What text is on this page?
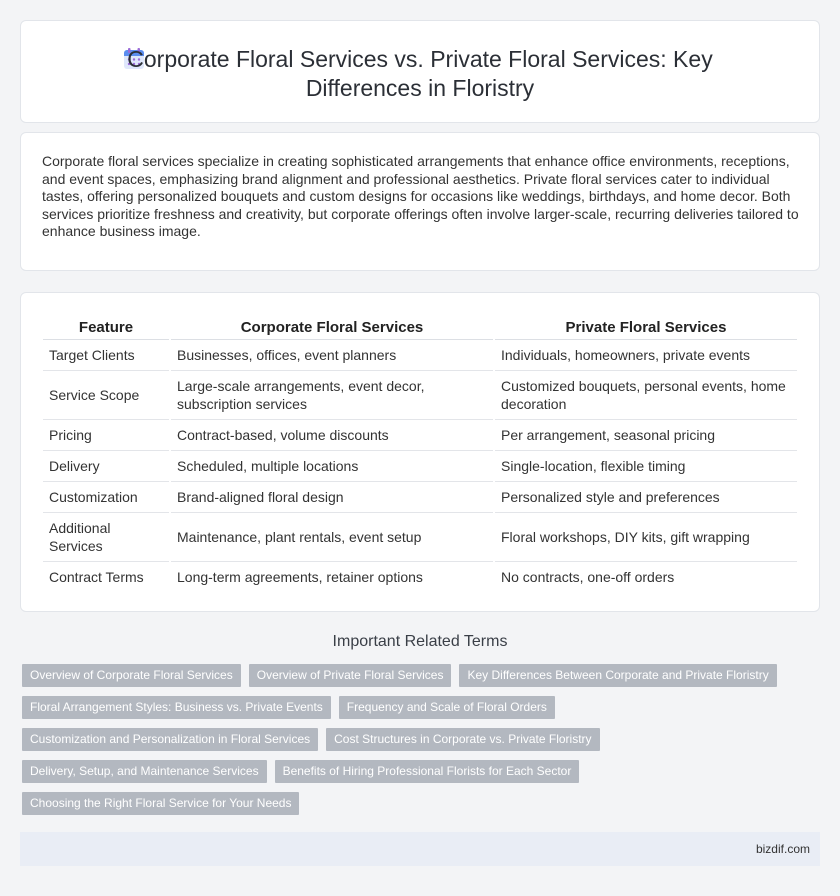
Corporate Floral Services vs. Private Floral Services: Key Differences in Floristry

Corporate floral services specialize in creating sophisticated arrangements that enhance office environments, receptions, and event spaces, emphasizing brand alignment and professional aesthetics. Private floral services cater to individual tastes, offering personalized bouquets and custom designs for occasions like weddings, birthdays, and home decor. Both services prioritize freshness and creativity, but corporate offerings often involve larger-scale, recurring deliveries tailored to enhance business image.

Feature	Corporate Floral Services	Private Floral Services
Target Clients	Businesses, offices, event planners	Individuals, homeowners, private events
Service Scope	Large-scale arrangements, event decor, subscription services	Customized bouquets, personal events, home decoration
Pricing	Contract-based, volume discounts	Per arrangement, seasonal pricing
Delivery	Scheduled, multiple locations	Single-location, flexible timing
Customization	Brand-aligned floral design	Personalized style and preferences
Additional Services	Maintenance, plant rentals, event setup	Floral workshops, DIY kits, gift wrapping
Contract Terms	Long-term agreements, retainer options	No contracts, one-off orders
Important Related Terms
Overview of Corporate Floral Services	Overview of Private Floral Services	Key Differences Between Corporate and Private Floristry
Floral Arrangement Styles: Business vs. Private Events	Frequency and Scale of Floral Orders
Customization and Personalization in Floral Services	Cost Structures in Corporate vs. Private Floristry
Delivery, Setup, and Maintenance Services	Benefits of Hiring Professional Florists for Each Sector
Choosing the Right Floral Service for Your Needs
bizdif.com
